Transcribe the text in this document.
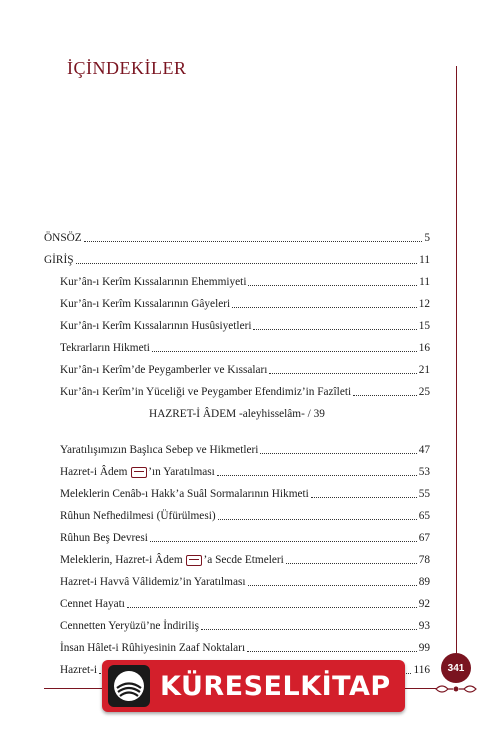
İÇİNDEKİLER
ÖNSÖZ	5
GİRİŞ	11
Kur’ân-ı Kerîm Kıssalarının Ehemmiyeti	11
Kur’ân-ı Kerîm Kıssalarının Gâyeleri	12
Kur’ân-ı Kerîm Kıssalarının Husûsiyetleri	15
Tekrarların Hikmeti	16
Kur’ân-ı Kerîm’de Peygamberler ve Kıssaları	21
Kur’ân-ı Kerîm’in Yüceliği ve Peygamber Efendimiz’in Fazîleti	25
HAZRET-İ ÂDEM -aleyhisselâm- / 39
Yaratılışımızın Başlıca Sebep ve Hikmetleri	47
Hazret-i Âdem ’ın Yaratılması	53
Meleklerin Cenâb-ı Hakk’a Suâl Sormalarının Hikmeti	55
Rûhun Nefhedilmesi (Üfürülmesi)	65
Rûhun Beş Devresi	67
Meleklerin, Hazret-i Âdem ’a Secde Etmeleri	78
Hazret-i Havvâ Vâlidemiz’in Yaratılması	89
Cennet Hayatı	92
Cennetten Yeryüzü’ne İndiriliş	93
İnsan Hâlet-i Rûhiyesinin Zaaf Noktaları	99
Hazret-i	116	341
KÜRESELKİTAP
